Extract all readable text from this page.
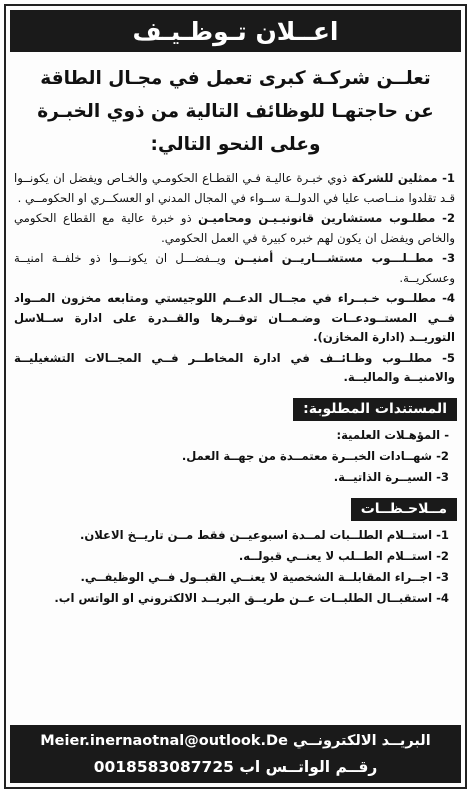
اعــلان تـوظـيـف
تعلــن شركـة كبرى تعمل في مجـال الطاقة
عن حاجتهـا للوظائف التالية من ذوي الخبـرة
وعلى النحو التالي:

1- ممثلين للشركة ذوي خبـرة عاليـة فـي القطـاع الحكومـي والخـاص ويفضل ان يكونــوا قـد تقلدوا منــاصب عليا في الدولــة ســواء في المجال المدني او العسكــري او الحكومــي .

2- مطلـوب مستشارين قانونيـيـن ومحاميـن ذو خبرة عالية مع القطاع الحكومي والخاص ويفضل ان يكون لهم خبره كبيرة في العمل الحكومي.

3- مطــلـــوب مستشـــاريــن أمنيــن ويــفضـــل ان يكونـــوا ذو خلفــة امنيــة وعسكريــة.

4- مطلــوب خـبــراء في مجــال الدعــم اللوجيستي ومتابعه مخزون المــواد فــي المستــودعــات وضـمــان توفــرها والقــدرة على ادارة ســلاسل التوريــد (ادارة المخازن).

5- مطلــوب وظـائــف في ادارة المخاطــر فــي المجــالات التشغيليــة والامنيــة والماليــة.

المستندات المطلوبة:
- المؤهـلات العلمية:
2- شهــادات الخبــرة معتمــدة من جهــة العمل.
3- السيــرة الذاتيــة.
مــلاحـظــات
1- استــلام الطلــبات لمــدة اسبوعيــن فقط مــن تاريــخ الاعلان.
2- استــلام الطــلب لا يعنــي قبولــه.
3- اجــراء المقابلــة الشخصية لا يعنــي القبــول فــي الوظيفــي.
4- استقبــال الطلبــات عــن طريــق البريــد الالكتروني او الواتس اب.
البريــد الالكترونــي Meier.inernaotnal@outlook.De
رقــم الواتــس اب 0018583087725
